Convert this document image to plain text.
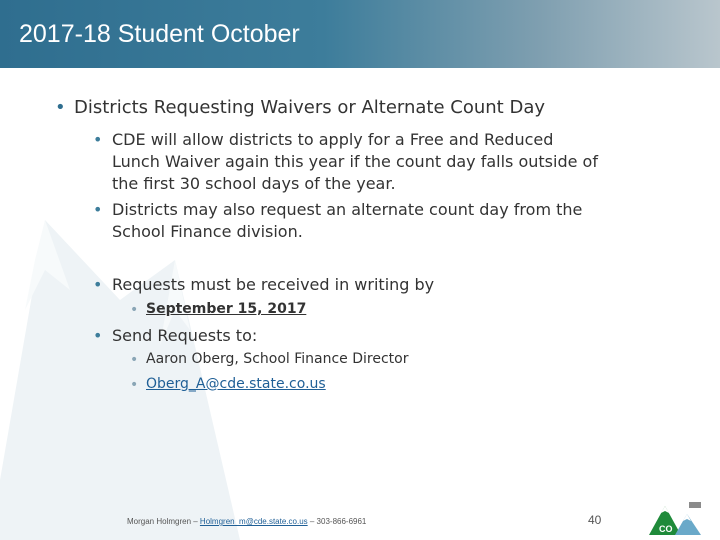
2017-18 Student October
• Districts Requesting Waivers or Alternate Count Day
• CDE will allow districts to apply for a Free and Reduced
Lunch Waiver again this year if the count day falls outside of
the first 30 school days of the year.
• Districts may also request an alternate count day from the
School Finance division.
• Requests must be received in writing by
• September 15, 2017
• Send Requests to:
• Aaron Oberg, School Finance Director
• Oberg_A@cde.state.co.us
Morgan Holmgren – Holmgren_m@cde.state.co.us – 303-866-6961	40
CO
